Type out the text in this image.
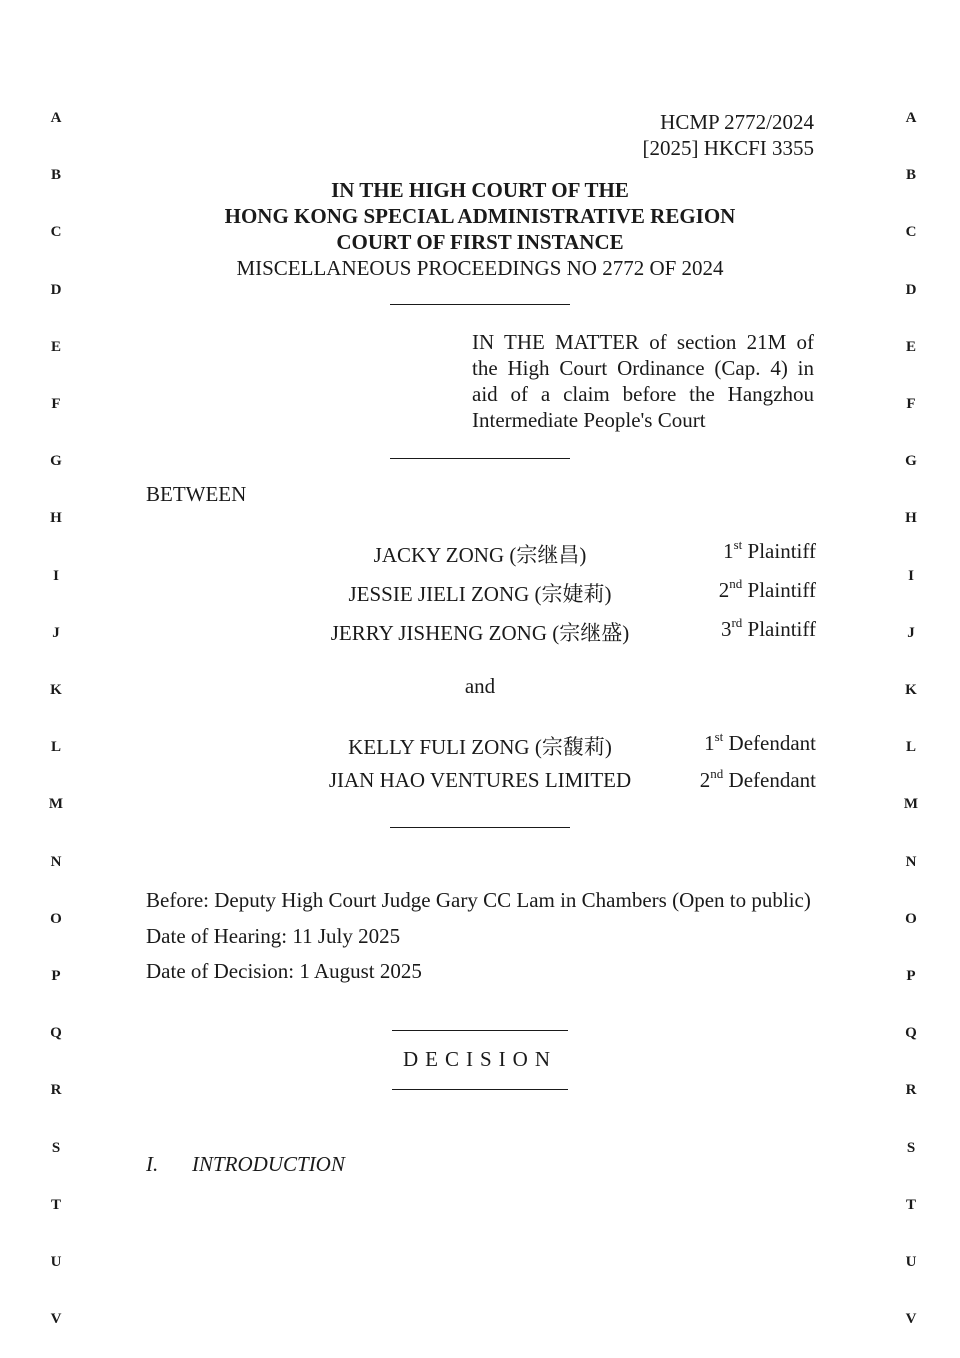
A	A
B	B
C	C
D	D
E	E
F	F
G	G
H	H
I	I
J	J
K	K
L	L
M	M
N	N
O	O
P	P
Q	Q
R	R
S	S
T	T
U	U
V	V
HCMP 2772/2024
[2025] HKCFI 3355
IN THE HIGH COURT OF THE
HONG KONG SPECIAL ADMINISTRATIVE REGION
COURT OF FIRST INSTANCE
MISCELLANEOUS PROCEEDINGS NO 2772 OF 2024
IN THE MATTER of section 21M of
the High Court Ordinance (Cap. 4) in
aid of a claim before the Hangzhou
Intermediate People's Court
BETWEEN
JACKY ZONG (宗继昌)	1st Plaintiff
JESSIE JIELI ZONG (宗婕莉)	2nd Plaintiff
JERRY JISHENG ZONG (宗继盛)	3rd Plaintiff
and
KELLY FULI ZONG (宗馥莉)	1st Defendant
JIAN HAO VENTURES LIMITED	2nd Defendant
Before: Deputy High Court Judge Gary CC Lam in Chambers (Open to public)
Date of Hearing: 11 July 2025
Date of Decision: 1 August 2025
DECISION
I. INTRODUCTION
